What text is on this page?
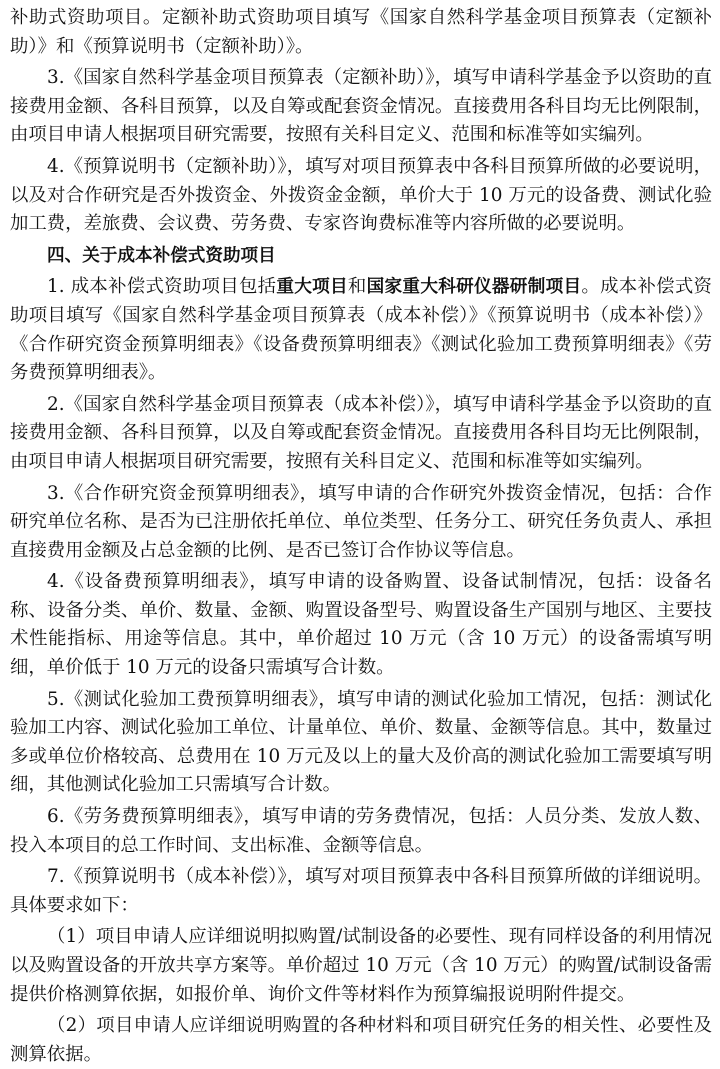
补助式资助项目。定额补助式资助项目填写《国家自然科学基金项目预算表（定额补助）》和《预算说明书（定额补助）》。

3.《国家自然科学基金项目预算表（定额补助）》，填写申请科学基金予以资助的直接费用金额、各科目预算，以及自筹或配套资金情况。直接费用各科目均无比例限制，由项目申请人根据项目研究需要，按照有关科目定义、范围和标准等如实编列。

4.《预算说明书（定额补助）》，填写对项目预算表中各科目预算所做的必要说明，以及对合作研究是否外拨资金、外拨资金金额，单价大于 10 万元的设备费、测试化验加工费，差旅费、会议费、劳务费、专家咨询费标准等内容所做的必要说明。

四、关于成本补偿式资助项目

1. 成本补偿式资助项目包括重大项目和国家重大科研仪器研制项目。成本补偿式资助项目填写《国家自然科学基金项目预算表（成本补偿）》《预算说明书（成本补偿）》《合作研究资金预算明细表》《设备费预算明细表》《测试化验加工费预算明细表》《劳务费预算明细表》。

2.《国家自然科学基金项目预算表（成本补偿）》，填写申请科学基金予以资助的直接费用金额、各科目预算，以及自筹或配套资金情况。直接费用各科目均无比例限制，由项目申请人根据项目研究需要，按照有关科目定义、范围和标准等如实编列。

3.《合作研究资金预算明细表》，填写申请的合作研究外拨资金情况，包括：合作研究单位名称、是否为已注册依托单位、单位类型、任务分工、研究任务负责人、承担直接费用金额及占总金额的比例、是否已签订合作协议等信息。

4.《设备费预算明细表》，填写申请的设备购置、设备试制情况，包括：设备名称、设备分类、单价、数量、金额、购置设备型号、购置设备生产国别与地区、主要技术性能指标、用途等信息。其中，单价超过 10 万元（含 10 万元）的设备需填写明细，单价低于 10 万元的设备只需填写合计数。

5.《测试化验加工费预算明细表》，填写申请的测试化验加工情况，包括：测试化验加工内容、测试化验加工单位、计量单位、单价、数量、金额等信息。其中，数量过多或单位价格较高、总费用在 10 万元及以上的量大及价高的测试化验加工需要填写明细，其他测试化验加工只需填写合计数。

6.《劳务费预算明细表》，填写申请的劳务费情况，包括：人员分类、发放人数、投入本项目的总工作时间、支出标准、金额等信息。

7.《预算说明书（成本补偿）》，填写对项目预算表中各科目预算所做的详细说明。具体要求如下：

（1）项目申请人应详细说明拟购置/试制设备的必要性、现有同样设备的利用情况以及购置设备的开放共享方案等。单价超过 10 万元（含 10 万元）的购置/试制设备需提供价格测算依据，如报价单、询价文件等材料作为预算编报说明附件提交。

（2）项目申请人应详细说明购置的各种材料和项目研究任务的相关性、必要性及测算依据。
